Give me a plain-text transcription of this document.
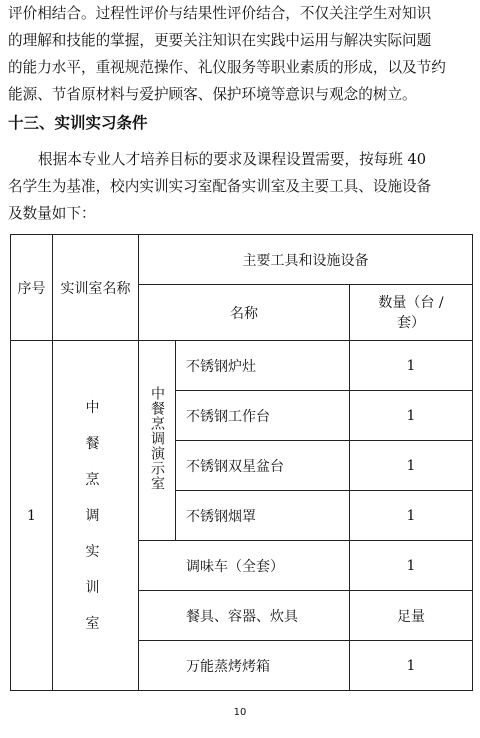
评价相结合。过程性评价与结果性评价结合，不仅关注学生对知识
的理解和技能的掌握，更要关注知识在实践中运用与解决实际问题
的能力水平，重视规范操作、礼仪服务等职业素质的形成，以及节约
能源、节省原材料与爱护顾客、保护环境等意识与观念的树立。
十三、实训实习条件
根据本专业人才培养目标的要求及课程设置需要，按每班 40
名学生为基准，校内实训实习室配备实训室及主要工具、设施设备
及数量如下：
序号	实训室名称	主要工具和设施设备		
		名称		数量（台 / 套）
1	中餐烹调实训室	中餐烹调演示室	不锈钢炉灶	1
			不锈钢工作台	1
			不锈钢双星盆台	1
			不锈钢烟罩	1
		调味车（全套）		1
		餐具、容器、炊具		足量
		万能蒸烤烤箱		1
10
